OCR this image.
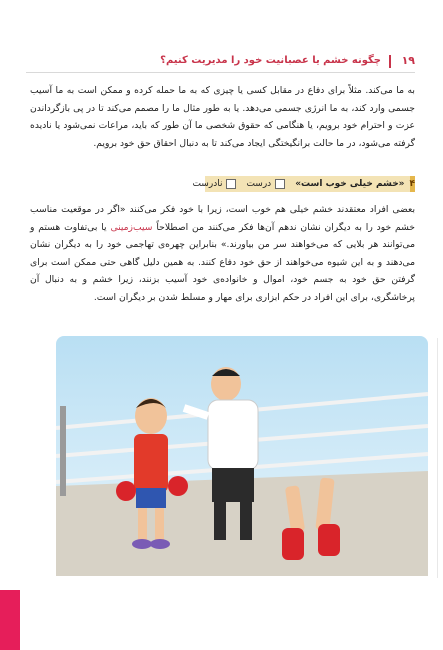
۱۹
چگونه خشم یا عصبانیت خود را مدیریت کنیم؟

به ما می‌کند. مثلاً برای دفاع در مقابل کسی یا چیزی که به ما حمله کرده و ممکن است به ما آسیب جسمی وارد کند، به ما انرژی جسمی می‌دهد. یا به طور مثال ما را مصمم می‌کند تا در پی بازگرداندن عزت و احترام خود برویم، یا هنگامی که حقوق شخصی ما آن طور که باید، مراعات نمی‌شود یا نادیده گرفته می‌شود، در ما حالت برانگیختگی ایجاد می‌کند تا به دنبال احقاق حق خود برویم.

۴
«خشم خیلی خوب است»
درست
نادرست

بعضی افراد معتقدند خشم خیلی هم خوب است، زیرا با خود فکر می‌کنند «اگر در موقعیت مناسب خشم خود را به دیگران نشان ندهم آن‌ها فکر می‌کنند من اصطلاحاً سیب‌زمینی یا بی‌تفاوت هستم و می‌توانند هر بلایی که می‌خواهند سر من بیاورند.» بنابراین چهره‌ی تهاجمی خود را به دیگران نشان می‌دهند و به این شیوه می‌خواهند از حق خود دفاع کنند. به همین دلیل گاهی حتی ممکن است برای گرفتن حق خود به جسم خود، اموال و خانواده‌ی خود آسیب بزنند، زیرا خشم و به دنبال آن پرخاشگری، برای این افراد در حکم ابزاری برای مهار و مسلط شدن بر دیگران است.
